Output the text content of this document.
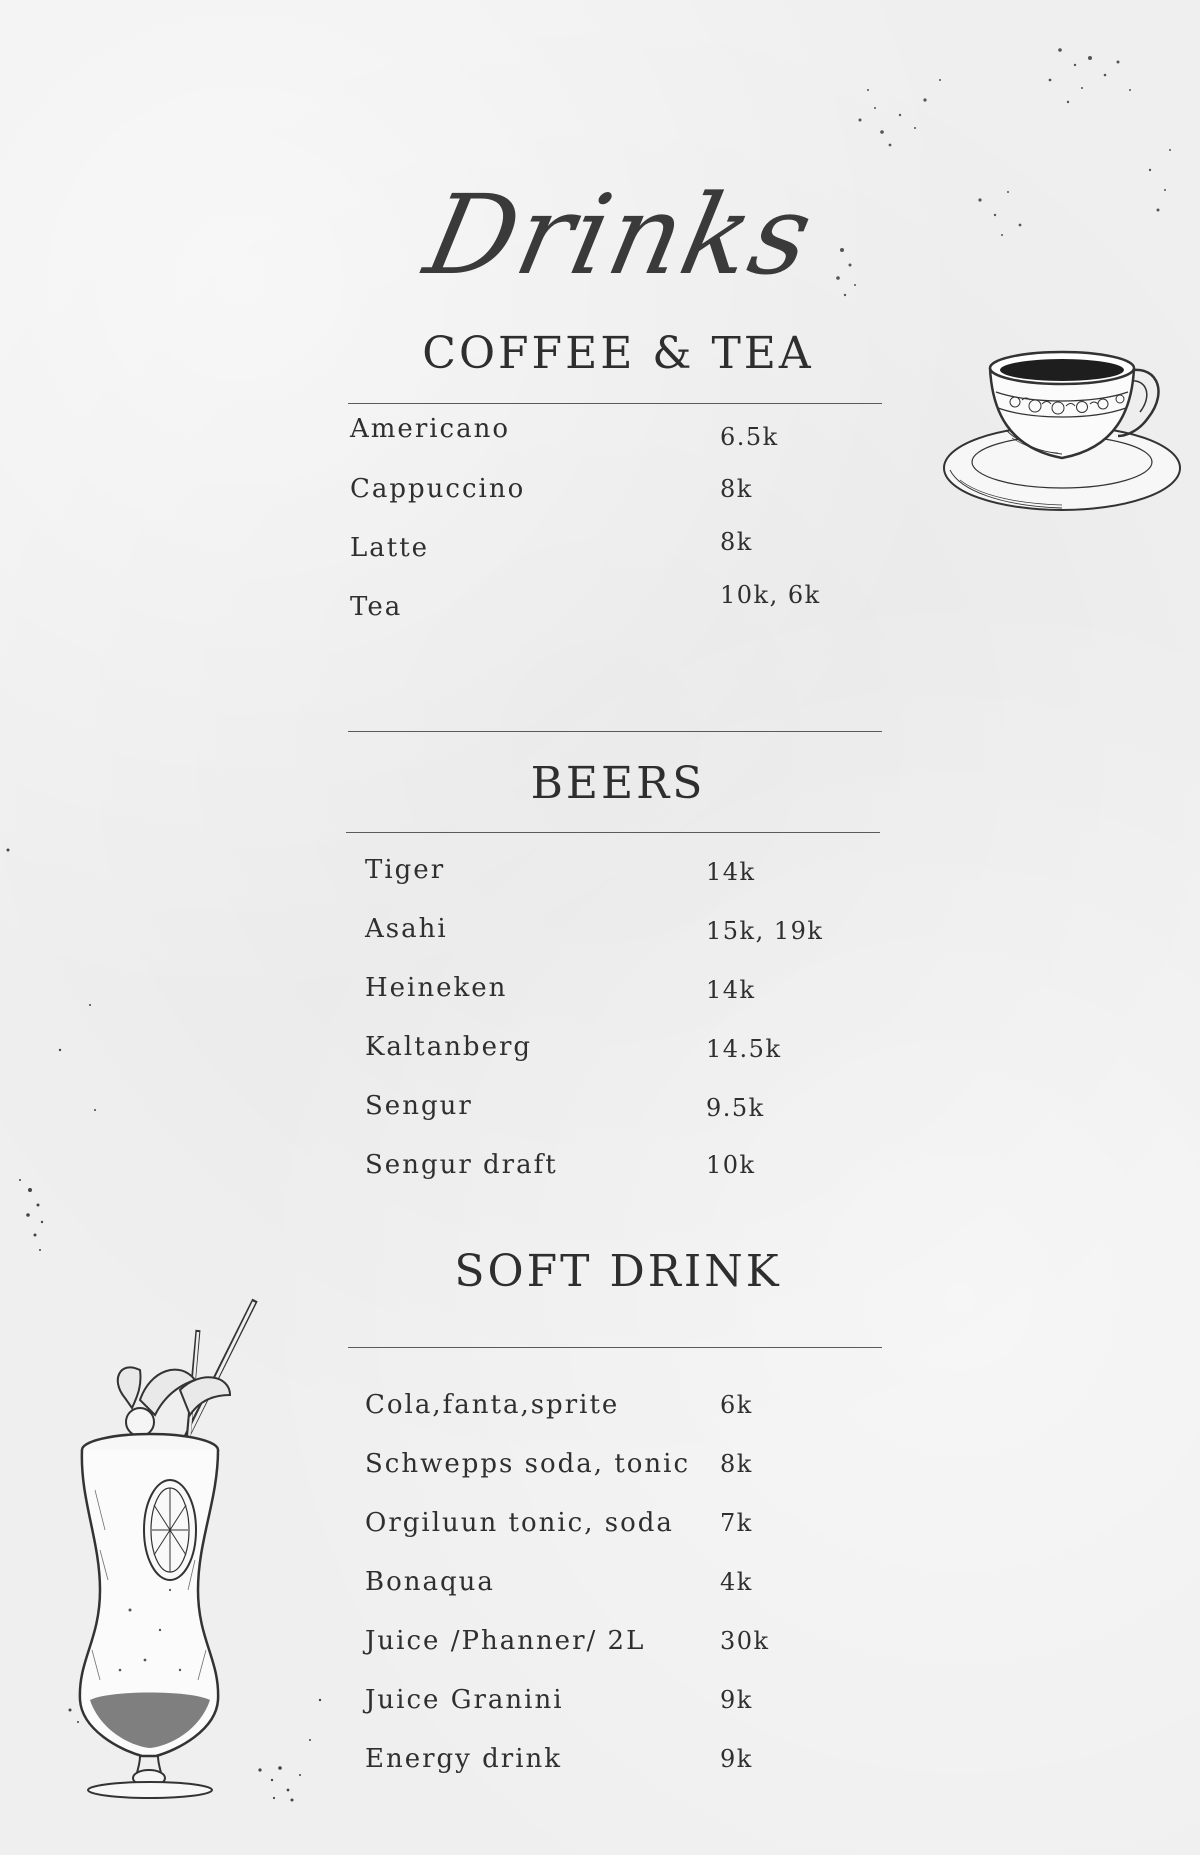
Drinks
COFFEE & TEA
Americano	6.5k
Cappuccino	8k
Latte	8k
Tea	10k, 6k
BEERS
Tiger	14k
Asahi	15k, 19k
Heineken	14k
Kaltanberg	14.5k
Sengur	9.5k
Sengur draft	10k
SOFT DRINK
Cola,fanta,sprite	6k
Schwepps soda, tonic 8k
Orgiluun tonic, soda 7k
Bonaqua	4k
Juice /Phanner/ 2L	30k
Juice Granini	9k
Energy drink	9k
